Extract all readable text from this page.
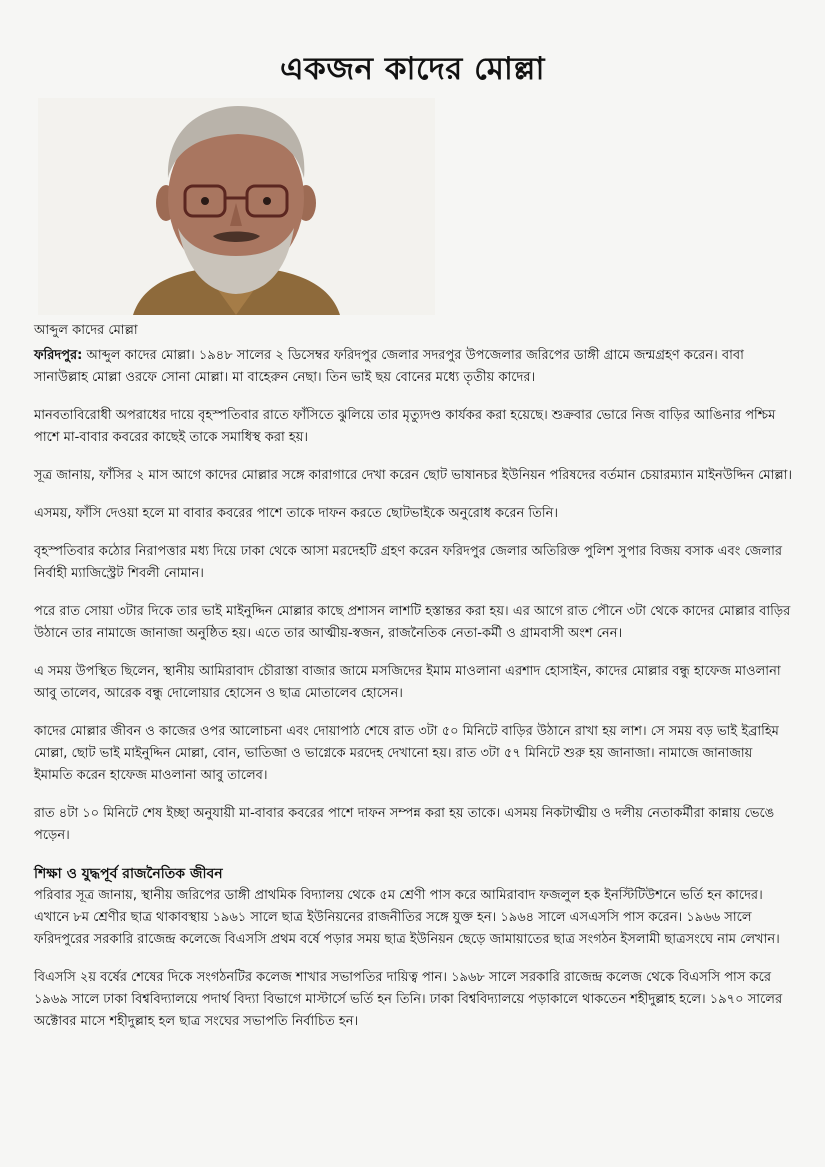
একজন কাদের মোল্লা
আব্দুল কাদের মোল্লা

ফরিদপুর: আব্দুল কাদের মোল্লা। ১৯৪৮ সালের ২ ডিসেম্বর ফরিদপুর জেলার সদরপুর উপজেলার জরিপের ডাঙ্গী গ্রামে জন্মগ্রহণ করেন। বাবা সানাউল্লাহ মোল্লা ওরফে সোনা মোল্লা। মা বাহেরুন নেছা। তিন ভাই ছয় বোনের মধ্যে তৃতীয় কাদের।

মানবতাবিরোধী অপরাধের দায়ে বৃহস্পতিবার রাতে ফাঁসিতে ঝুলিয়ে তার মৃত্যুদণ্ড কার্যকর করা হয়েছে। শুক্রবার ভোরে নিজ বাড়ির আঙিনার পশ্চিম পাশে মা-বাবার কবরের কাছেই তাকে সমাধিস্থ করা হয়।

সূত্র জানায়, ফাঁসির ২ মাস আগে কাদের মোল্লার সঙ্গে কারাগারে দেখা করেন ছোট ভাষানচর ইউনিয়ন পরিষদের বর্তমান চেয়ারম্যান মাইনউদ্দিন মোল্লা।

এসময়, ফাঁসি দেওয়া হলে মা বাবার কবরের পাশে তাকে দাফন করতে ছোটভাইকে অনুরোধ করেন তিনি।

বৃহস্পতিবার কঠোর নিরাপত্তার মধ্য দিয়ে ঢাকা থেকে আসা মরদেহটি গ্রহণ করেন ফরিদপুর জেলার অতিরিক্ত পুলিশ সুপার বিজয় বসাক এবং জেলার নির্বাহী ম্যাজিস্ট্রেট শিবলী নোমান।

পরে রাত সোয়া ৩টার দিকে তার ভাই মাইনুদ্দিন মোল্লার কাছে প্রশাসন লাশটি হস্তান্তর করা হয়। এর আগে রাত পৌনে ৩টা থেকে কাদের মোল্লার বাড়ির উঠানে তার নামাজে জানাজা অনুষ্ঠিত হয়। এতে তার আত্মীয়-স্বজন, রাজনৈতিক নেতা-কর্মী ও গ্রামবাসী অংশ নেন।

এ সময় উপস্থিত ছিলেন, স্থানীয় আমিরাবাদ চৌরাস্তা বাজার জামে মসজিদের ইমাম মাওলানা এরশাদ হোসাইন, কাদের মোল্লার বন্ধু হাফেজ মাওলানা আবু তালেব, আরেক বন্ধু দোলোয়ার হোসেন ও ছাত্র মোতালেব হোসেন।

কাদের মোল্লার জীবন ও কাজের ওপর আলোচনা এবং দোয়াপাঠ শেষে রাত ৩টা ৫০ মিনিটে বাড়ির উঠানে রাখা হয় লাশ। সে সময় বড় ভাই ইব্রাহিম মোল্লা, ছোট ভাই মাইনুদ্দিন মোল্লা, বোন, ভাতিজা ও ভাগ্নেকে মরদেহ দেখানো হয়। রাত ৩টা ৫৭ মিনিটে শুরু হয় জানাজা। নামাজে জানাজায় ইমামতি করেন হাফেজ মাওলানা আবু তালেব।

রাত ৪টা ১০ মিনিটে শেষ ইচ্ছা অনুযায়ী মা-বাবার কবরের পাশে দাফন সম্পন্ন করা হয় তাকে। এসময় নিকটাত্মীয় ও দলীয় নেতাকর্মীরা কান্নায় ভেঙে পড়েন।

শিক্ষা ও যুদ্ধপূর্ব রাজনৈতিক জীবন

পরিবার সূত্র জানায়, স্থানীয় জরিপের ডাঙ্গী প্রাথমিক বিদ্যালয় থেকে ৫ম শ্রেণী পাস করে আমিরাবাদ ফজলুল হক ইনস্টিটিউশনে ভর্তি হন কাদের। এখানে ৮ম শ্রেণীর ছাত্র থাকাবস্থায় ১৯৬১ সালে ছাত্র ইউনিয়নের রাজনীতির সঙ্গে যুক্ত হন। ১৯৬৪ সালে এসএসসি পাস করেন। ১৯৬৬ সালে ফরিদপুরের সরকারি রাজেন্দ্র কলেজে বিএসসি প্রথম বর্ষে পড়ার সময় ছাত্র ইউনিয়ন ছেড়ে জামায়াতের ছাত্র সংগঠন ইসলামী ছাত্রসংঘে নাম লেখান।

বিএসসি ২য় বর্ষের শেষের দিকে সংগঠনটির কলেজ শাখার সভাপতির দায়িত্ব পান। ১৯৬৮ সালে সরকারি রাজেন্দ্র কলেজ থেকে বিএসসি পাস করে ১৯৬৯ সালে ঢাকা বিশ্ববিদ্যালয়ে পদার্থ বিদ্যা বিভাগে মাস্টার্সে ভর্তি হন তিনি। ঢাকা বিশ্ববিদ্যালয়ে পড়াকালে থাকতেন শহীদুল্লাহ হলে। ১৯৭০ সালের অক্টোবর মাসে শহীদুল্লাহ হল ছাত্র সংঘের সভাপতি নির্বাচিত হন।
